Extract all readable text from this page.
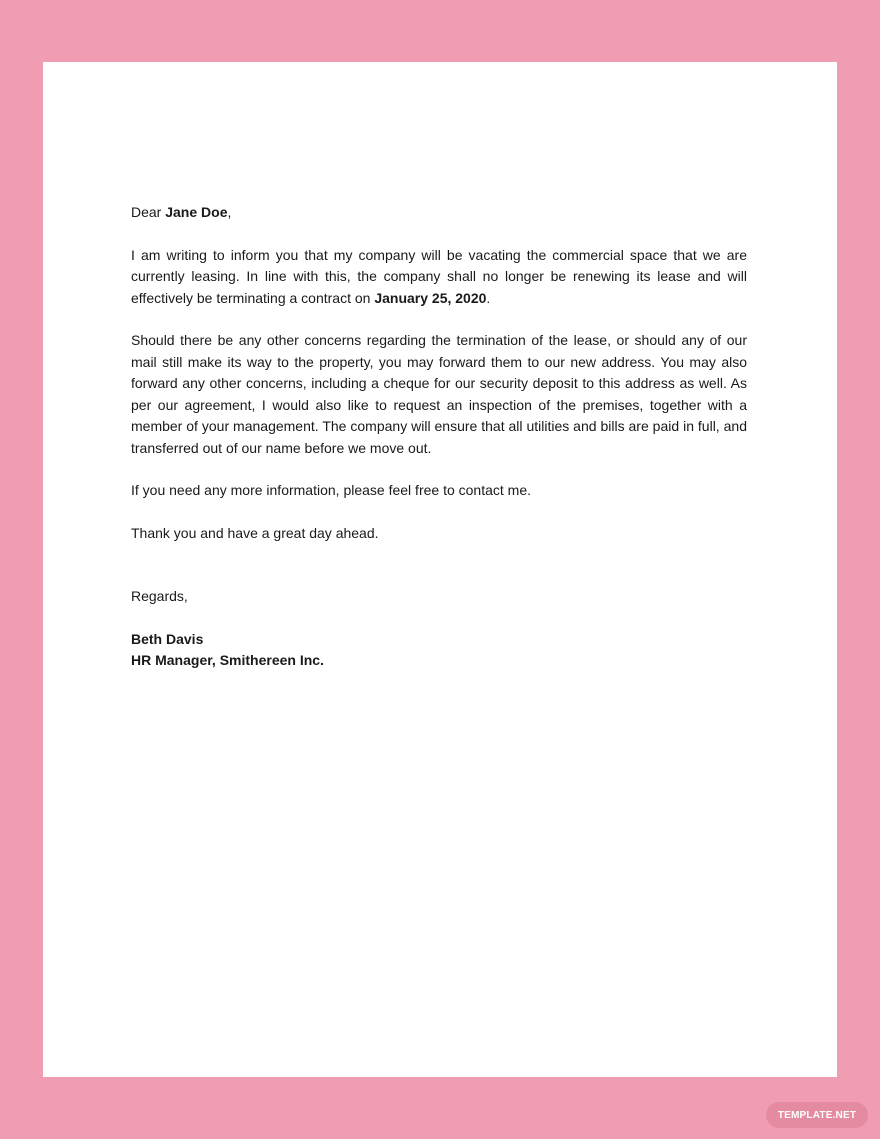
Dear Jane Doe,

I am writing to inform you that my company will be vacating the commercial space that we are currently leasing. In line with this, the company shall no longer be renewing its lease and will effectively be terminating a contract on January 25, 2020.

Should there be any other concerns regarding the termination of the lease, or should any of our mail still make its way to the property, you may forward them to our new address. You may also forward any other concerns, including a cheque for our security deposit to this address as well. As per our agreement, I would also like to request an inspection of the premises, together with a member of your management. The company will ensure that all utilities and bills are paid in full, and transferred out of our name before we move out.

If you need any more information, please feel free to contact me.

Thank you and have a great day ahead.

Regards,

Beth Davis

HR Manager, Smithereen Inc.

TEMPLATE.NET
